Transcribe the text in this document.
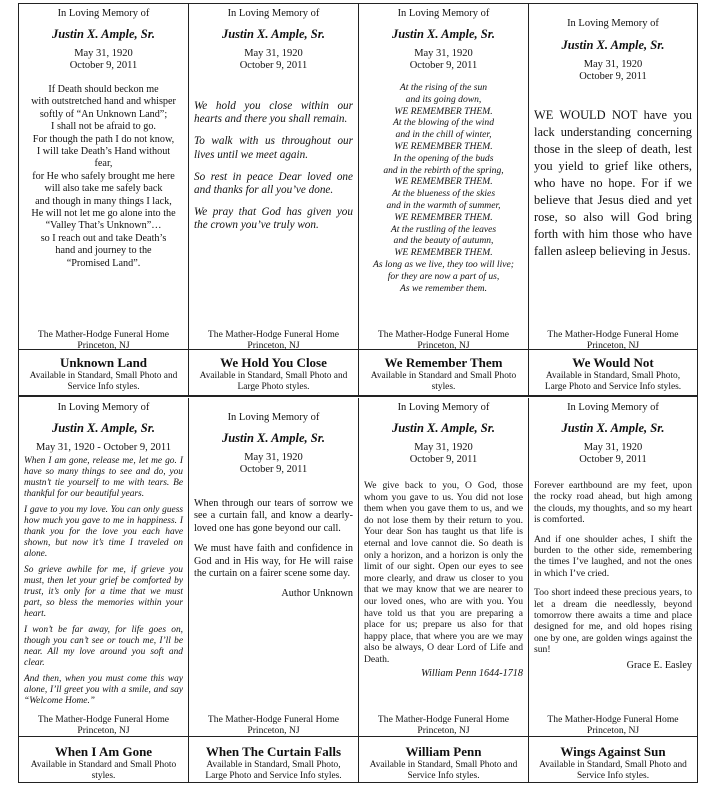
In Loving Memory of
Justin X. Ample, Sr.
May 31, 1920
October 9, 2011
If Death should beckon me
with outstretched hand and whisper
softly of “An Unknown Land”;
I shall not be afraid to go.
For though the path I do not know,
I will take Death’s Hand without
fear,
for He who safely brought me here
will also take me safely back
and though in many things I lack,
He will not let me go alone into the
“Valley That’s Unknown”…
so I reach out and take Death’s
hand and journey to the
“Promised Land”.
The Mather-Hodge Funeral Home
Princeton, NJ
In Loving Memory of
Justin X. Ample, Sr.
May 31, 1920
October 9, 2011
We hold you close within our hearts and there you shall remain.
To walk with us throughout our lives until we meet again.
So rest in peace Dear loved one and thanks for all you’ve done.
We pray that God has given you the crown you’ve truly won.
The Mather-Hodge Funeral Home
Princeton, NJ
In Loving Memory of
Justin X. Ample, Sr.
May 31, 1920
October 9, 2011
At the rising of the sun
and its going down,
WE REMEMBER THEM.
At the blowing of the wind
and in the chill of winter,
WE REMEMBER THEM.
In the opening of the buds
and in the rebirth of the spring,
WE REMEMBER THEM.
At the blueness of the skies
and in the warmth of summer,
WE REMEMBER THEM.
At the rustling of the leaves
and the beauty of autumn,
WE REMEMBER THEM.
As long as we live, they too will live;
for they are now a part of us,
As we remember them.
The Mather-Hodge Funeral Home
Princeton, NJ
In Loving Memory of
Justin X. Ample, Sr.
May 31, 1920
October 9, 2011
WE WOULD NOT have you lack understanding concerning those in the sleep of death, lest you yield to grief like others, who have no hope. For if we believe that Jesus died and yet rose, so also will God bring forth with him those who have fallen asleep believing in Jesus.
The Mather-Hodge Funeral Home
Princeton, NJ
Unknown Land
Available in Standard, Small Photo and Service Info styles.
We Hold You Close
Available in Standard, Small Photo and Large Photo styles.
We Remember Them
Available in Standard and Small Photo styles.
We Would Not
Available in Standard, Small Photo, Large Photo and Service Info styles.
In Loving Memory of
Justin X. Ample, Sr.
May 31, 1920 - October 9, 2011
When I am gone, release me, let me go. I have so many things to see and do, you mustn’t tie yourself to me with tears. Be thankful for our beautiful years.
I gave to you my love. You can only guess how much you gave to me in happiness. I thank you for the love you each have shown, but now it’s time I traveled on alone.
So grieve awhile for me, if grieve you must, then let your grief be comforted by trust, it’s only for a time that we must part, so bless the memories within your heart.
I won’t be far away, for life goes on, though you can’t see or touch me, I’ll be near. All my love around you soft and clear.
And then, when you must come this way alone, I’ll greet you with a smile, and say “Welcome Home.”
The Mather-Hodge Funeral Home
Princeton, NJ
In Loving Memory of
Justin X. Ample, Sr.
May 31, 1920
October 9, 2011
When through our tears of sorrow we see a curtain fall, and know a dearly-loved one has gone beyond our call.
We must have faith and confidence in God and in His way, for He will raise the curtain on a fairer scene some day.
Author Unknown
The Mather-Hodge Funeral Home
Princeton, NJ
In Loving Memory of
Justin X. Ample, Sr.
May 31, 1920
October 9, 2011
We give back to you, O God, those whom you gave to us. You did not lose them when you gave them to us, and we do not lose them by their return to you. Your dear Son has taught us that life is eternal and love cannot die. So death is only a horizon, and a horizon is only the limit of our sight. Open our eyes to see more clearly, and draw us closer to you that we may know that we are nearer to our loved ones, who are with you. You have told us that you are preparing a place for us; prepare us also for that happy place, that where you are we may also be always, O dear Lord of Life and Death.
William Penn 1644-1718
The Mather-Hodge Funeral Home
Princeton, NJ
In Loving Memory of
Justin X. Ample, Sr.
May 31, 1920
October 9, 2011
Forever earthbound are my feet, upon the rocky road ahead, but high among the clouds, my thoughts, and so my heart is comforted.
And if one shoulder aches, I shift the burden to the other side, remembering the times I’ve laughed, and not the ones in which I’ve cried.
Too short indeed these precious years, to let a dream die needlessly, beyond tomorrow there awaits a time and place designed for me, and old hopes rising one by one, are golden wings against the sun!
Grace E. Easley
The Mather-Hodge Funeral Home
Princeton, NJ
When I Am Gone
Available in Standard and Small Photo styles.
When The Curtain Falls
Available in Standard, Small Photo, Large Photo and Service Info styles.
William Penn
Available in Standard, Small Photo and Service Info styles.
Wings Against Sun
Available in Standard, Small Photo and Service Info styles.
